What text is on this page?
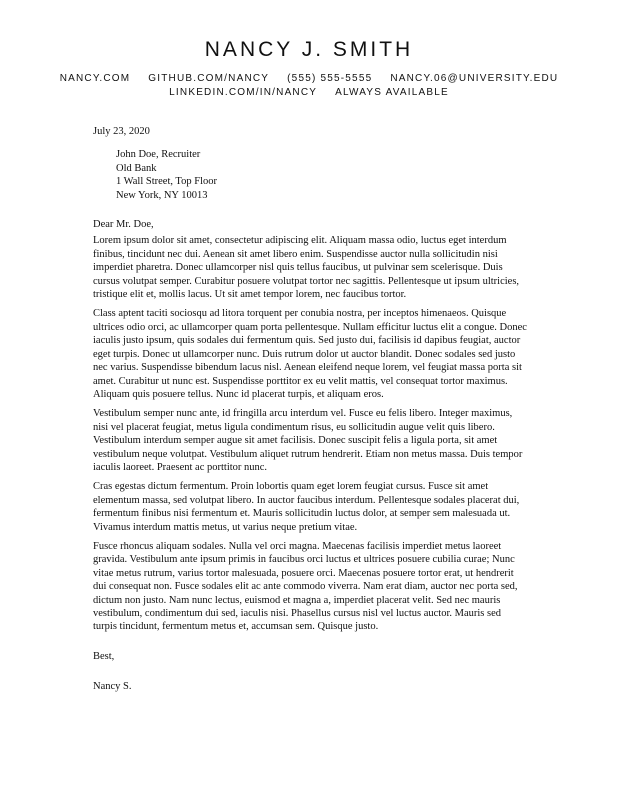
NANCY J. SMITH
NANCY.COM GITHUB.COM/NANCY (555) 555-5555 NANCY.06@UNIVERSITY.EDU
LINKEDIN.COM/IN/NANCY ALWAYS AVAILABLE
July 23, 2020
John Doe, Recruiter
Old Bank
1 Wall Street, Top Floor
New York, NY 10013
Dear Mr. Doe,

Lorem ipsum dolor sit amet, consectetur adipiscing elit. Aliquam massa odio, luctus eget interdum finibus, tincidunt nec dui. Aenean sit amet libero enim. Suspendisse auctor nulla sollicitudin nisi imperdiet pharetra. Donec ullamcorper nisl quis tellus faucibus, ut pulvinar sem scelerisque. Duis cursus volutpat semper. Curabitur posuere volutpat tortor nec sagittis. Pellentesque ut ipsum ultricies, tristique elit et, mollis lacus. Ut sit amet tempor lorem, nec faucibus tortor.

Class aptent taciti sociosqu ad litora torquent per conubia nostra, per inceptos himenaeos. Quisque ultrices odio orci, ac ullamcorper quam porta pellentesque. Nullam efficitur luctus elit a congue. Donec iaculis justo ipsum, quis sodales dui fermentum quis. Sed justo dui, facilisis id dapibus feugiat, auctor eget turpis. Donec ut ullamcorper nunc. Duis rutrum dolor ut auctor blandit. Donec sodales sed justo nec varius. Suspendisse bibendum lacus nisl. Aenean eleifend neque lorem, vel feugiat massa porta sit amet. Curabitur ut nunc est. Suspendisse porttitor ex eu velit mattis, vel consequat tortor maximus. Aliquam quis posuere tellus. Nunc id placerat turpis, et aliquam eros.

Vestibulum semper nunc ante, id fringilla arcu interdum vel. Fusce eu felis libero. Integer maximus, nisi vel placerat feugiat, metus ligula condimentum risus, eu sollicitudin augue velit quis libero. Vestibulum interdum semper augue sit amet facilisis. Donec suscipit felis a ligula porta, sit amet vestibulum neque volutpat. Vestibulum aliquet rutrum hendrerit. Etiam non metus massa. Duis tempor iaculis laoreet. Praesent ac porttitor nunc.

Cras egestas dictum fermentum. Proin lobortis quam eget lorem feugiat cursus. Fusce sit amet elementum massa, sed volutpat libero. In auctor faucibus interdum. Pellentesque sodales placerat dui, fermentum finibus nisi fermentum et. Mauris sollicitudin luctus dolor, at semper sem malesuada ut. Vivamus interdum mattis metus, ut varius neque pretium vitae.

Fusce rhoncus aliquam sodales. Nulla vel orci magna. Maecenas facilisis imperdiet metus laoreet gravida. Vestibulum ante ipsum primis in faucibus orci luctus et ultrices posuere cubilia curae; Nunc vitae metus rutrum, varius tortor malesuada, posuere orci. Maecenas posuere tortor erat, ut hendrerit dui consequat non. Fusce sodales elit ac ante commodo viverra. Nam erat diam, auctor nec porta sed, dictum non justo. Nam nunc lectus, euismod et magna a, imperdiet placerat velit. Sed nec mauris vestibulum, condimentum dui sed, iaculis nisi. Phasellus cursus nisl vel luctus auctor. Mauris sed turpis tincidunt, fermentum metus et, accumsan sem. Quisque justo.

Best,
Nancy S.
